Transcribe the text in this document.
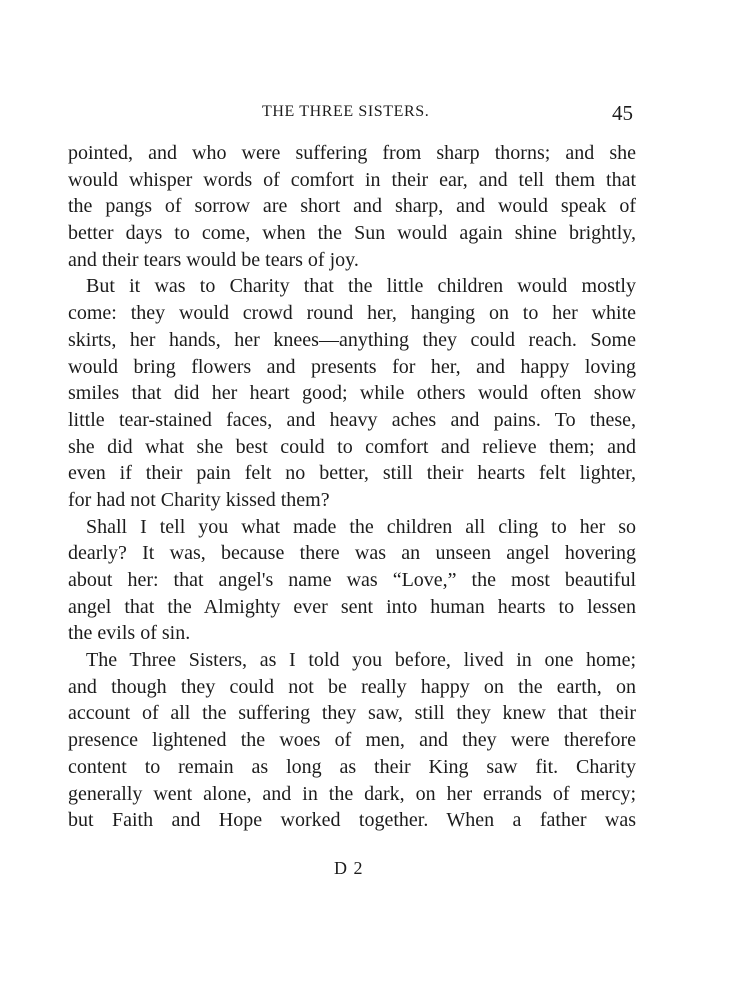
THE THREE SISTERS.	45
pointed, and who were suffering from sharp thorns; and she
would whisper words of comfort in their ear, and tell them that
the pangs of sorrow are short and sharp, and would speak of
better days to come, when the Sun would again shine brightly,
and their tears would be tears of joy.
But it was to Charity that the little children would mostly
come: they would crowd round her, hanging on to her white
skirts, her hands, her knees—anything they could reach. Some
would bring flowers and presents for her, and happy loving
smiles that did her heart good; while others would often show
little tear-stained faces, and heavy aches and pains. To these,
she did what she best could to comfort and relieve them; and
even if their pain felt no better, still their hearts felt lighter,
for had not Charity kissed them?
Shall I tell you what made the children all cling to her so
dearly? It was, because there was an unseen angel hovering
about her: that angel's name was “Love,” the most beautiful
angel that the Almighty ever sent into human hearts to lessen
the evils of sin.
The Three Sisters, as I told you before, lived in one home;
and though they could not be really happy on the earth, on
account of all the suffering they saw, still they knew that their
presence lightened the woes of men, and they were therefore
content to remain as long as their King saw fit. Charity
generally went alone, and in the dark, on her errands of mercy;
but Faith and Hope worked together. When a father was
D 2
